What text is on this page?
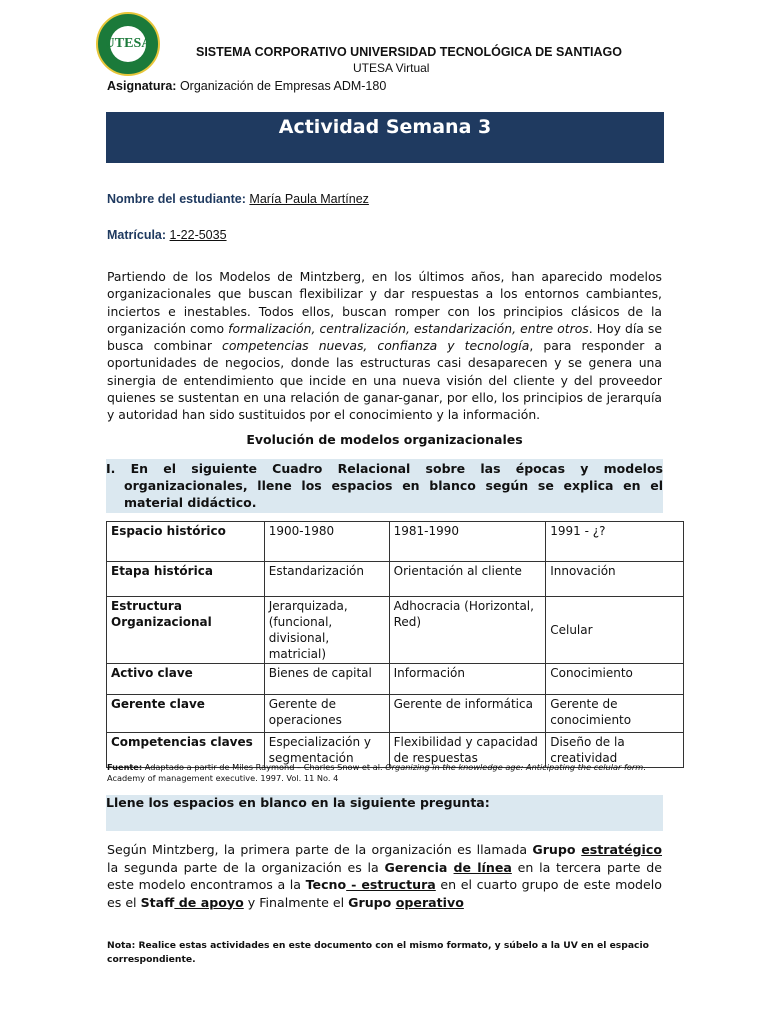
UTESA
SISTEMA CORPORATIVO UNIVERSIDAD TECNOLÓGICA DE SANTIAGO
UTESA Virtual
Asignatura: Organización de Empresas ADM-180
Actividad Semana 3
Nombre del estudiante: María Paula Martínez
Matrícula: 1-22-5035
Partiendo de los Modelos de Mintzberg, en los últimos años, han aparecido modelos organizacionales que buscan flexibilizar y dar respuestas a los entornos cambiantes, inciertos e inestables. Todos ellos, buscan romper con los principios clásicos de la organización como formalización, centralización, estandarización, entre otros. Hoy día se busca combinar competencias nuevas, confianza y tecnología, para responder a oportunidades de negocios, donde las estructuras casi desaparecen y se genera una sinergia de entendimiento que incide en una nueva visión del cliente y del proveedor quienes se sustentan en una relación de ganar-ganar, por ello, los principios de jerarquía y autoridad han sido sustituidos por el conocimiento y la información.
Evolución de modelos organizacionales
I. En el siguiente Cuadro Relacional sobre las épocas y modelos organizacionales, llene los espacios en blanco según se explica en el material didáctico.
Espacio histórico	1900-1980	1981-1990	1991 - ¿?
Etapa histórica	Estandarización	Orientación al cliente	Innovación
Estructura Organizacional	Jerarquizada, (funcional, divisional, matricial)	Adhocracia (Horizontal, Red)	Celular
Activo clave	Bienes de capital	Información	Conocimiento
Gerente clave	Gerente de operaciones	Gerente de informática	Gerente de conocimiento
Competencias claves	Especialización y segmentación	Flexibilidad y capacidad de respuestas	Diseño de la creatividad
Fuente: Adaptado a partir de Miles Raymond – Charles Snow et al. Organizing in the knowledge age: Anticipating the celular form. Academy of management executive. 1997. Vol. 11 No. 4
Llene los espacios en blanco en la siguiente pregunta:
Según Mintzberg, la primera parte de la organización es llamada Grupo estratégico la segunda parte de la organización es la Gerencia de línea en la tercera parte de este modelo encontramos a la Tecno - estructura en el cuarto grupo de este modelo es el Staff de apoyo y Finalmente el Grupo operativo
Nota: Realice estas actividades en este documento con el mismo formato, y súbelo a la UV en el espacio correspondiente.
